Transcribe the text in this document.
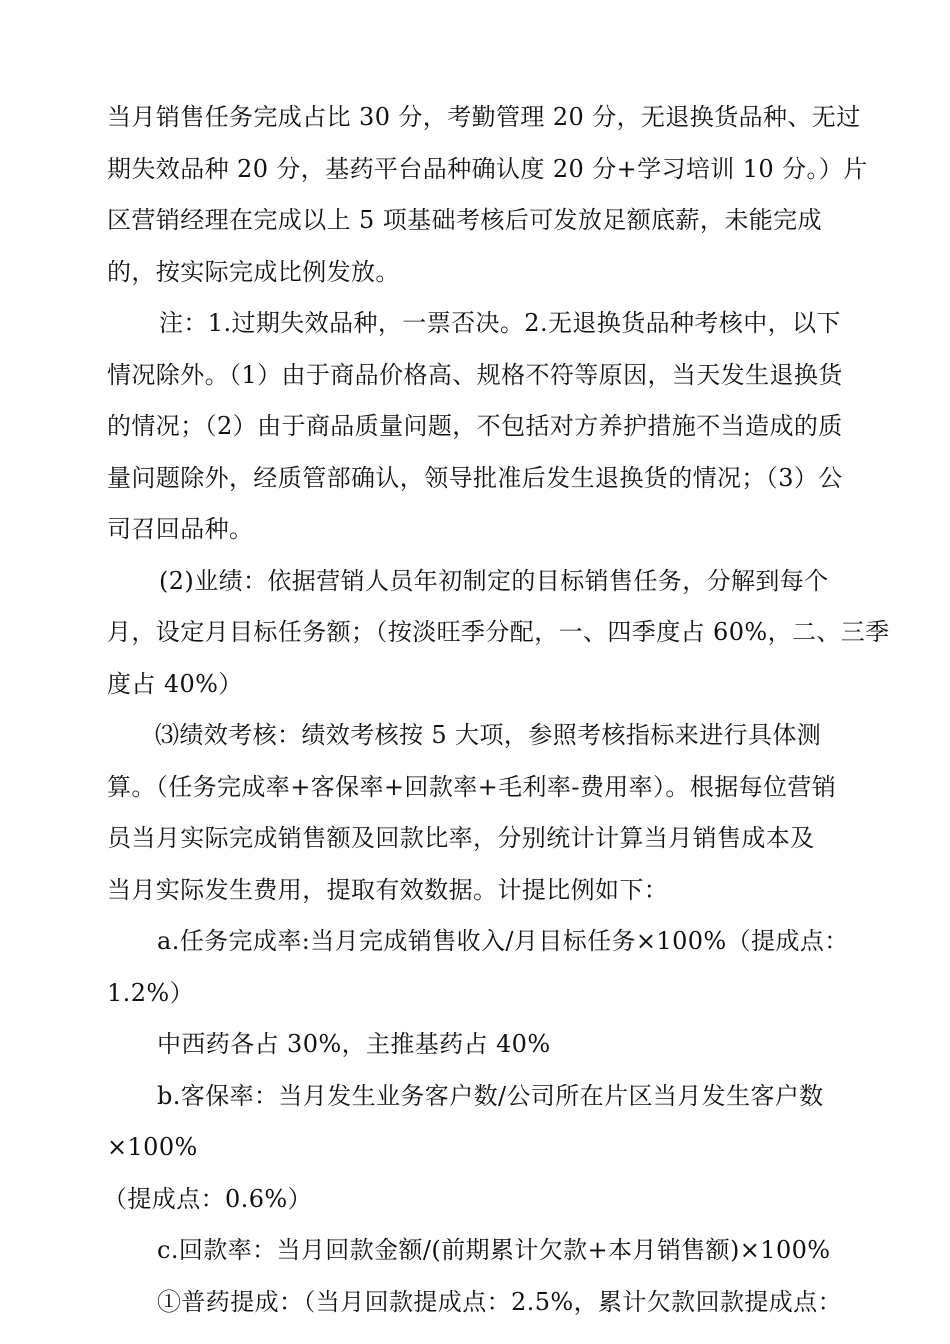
当月销售任务完成占比 30 分，考勤管理 20 分，无退换货品种、无过
期失效品种 20 分，基药平台品种确认度 20 分+学习培训 10 分。）片
区营销经理在完成以上 5 项基础考核后可发放足额底薪，未能完成
的，按实际完成比例发放。

注：1.过期失效品种，一票否决。2.无退换货品种考核中，以下
情况除外。（1）由于商品价格高、规格不符等原因，当天发生退换货
的情况；（2）由于商品质量问题，不包括对方养护措施不当造成的质
量问题除外，经质管部确认，领导批准后发生退换货的情况；（3）公
司召回品种。

(2)业绩：依据营销人员年初制定的目标销售任务，分解到每个
月，设定月目标任务额；（按淡旺季分配，一、四季度占 60%，二、三季
度占 40%）

⑶绩效考核：绩效考核按 5 大项，参照考核指标来进行具体测
算。（任务完成率+客保率+回款率+毛利率-费用率）。根据每位营销
员当月实际完成销售额及回款比率，分别统计计算当月销售成本及
当月实际发生费用，提取有效数据。计提比例如下：

a.任务完成率:当月完成销售收入/月目标任务×100%（提成点：
1.2%）

中西药各占 30%，主推基药占 40%

b.客保率：当月发生业务客户数/公司所在片区当月发生客户数
×100%

（提成点：0.6%）

c.回款率：当月回款金额/(前期累计欠款+本月销售额)×100%

①普药提成：（当月回款提成点：2.5%，累计欠款回款提成点：
